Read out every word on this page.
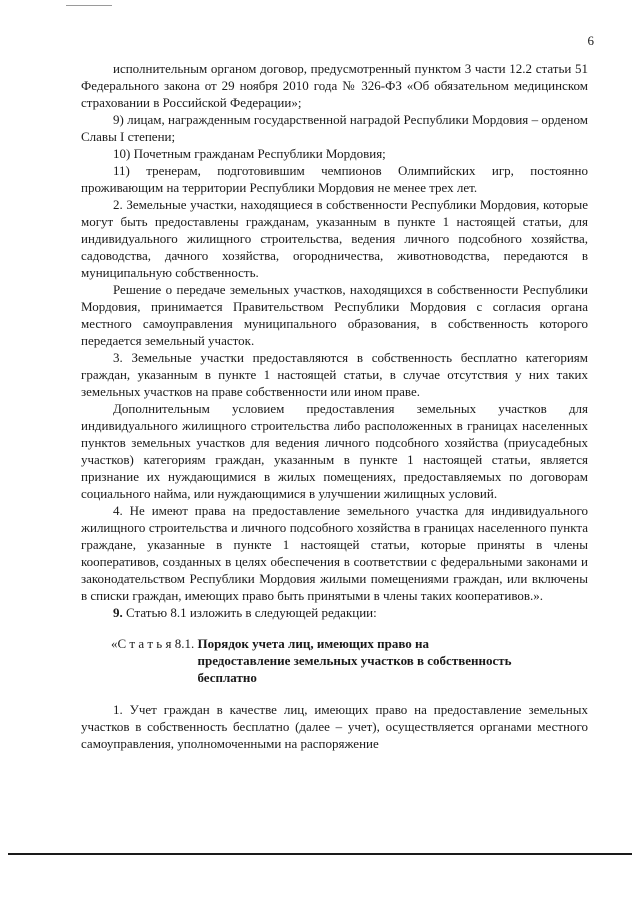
6

исполнительным органом договор, предусмотренный пунктом 3 части 12.2 статьи 51 Федерального закона от 29 ноября 2010 года № 326-ФЗ «Об обязательном медицинском страховании в Российской Федерации»;

9) лицам, награжденным государственной наградой Республики Мордовия – орденом Славы I степени;

10) Почетным гражданам Республики Мордовия;

11) тренерам, подготовившим чемпионов Олимпийских игр, постоянно проживающим на территории Республики Мордовия не менее трех лет.

2. Земельные участки, находящиеся в собственности Республики Мордовия, которые могут быть предоставлены гражданам, указанным в пункте 1 настоящей статьи, для индивидуального жилищного строительства, ведения личного подсобного хозяйства, садоводства, дачного хозяйства, огородничества, животноводства, передаются в муниципальную собственность.

Решение о передаче земельных участков, находящихся в собственности Республики Мордовия, принимается Правительством Республики Мордовия с согласия органа местного самоуправления муниципального образования, в собственность которого передается земельный участок.

3. Земельные участки предоставляются в собственность бесплатно категориям граждан, указанным в пункте 1 настоящей статьи, в случае отсутствия у них таких земельных участков на праве собственности или ином праве.

Дополнительным условием предоставления земельных участков для индивидуального жилищного строительства либо расположенных в границах населенных пунктов земельных участков для ведения личного подсобного хозяйства (приусадебных участков) категориям граждан, указанным в пункте 1 настоящей статьи, является признание их нуждающимися в жилых помещениях, предоставляемых по договорам социального найма, или нуждающимися в улучшении жилищных условий.

4. Не имеют права на предоставление земельного участка для индивидуального жилищного строительства и личного подсобного хозяйства в границах населенного пункта граждане, указанные в пункте 1 настоящей статьи, которые приняты в члены кооперативов, созданных в целях обеспечения в соответствии с федеральными законами и законодательством Республики Мордовия жилыми помещениями граждан, или включены в списки граждан, имеющих право быть принятыми в члены таких кооперативов.».

9. Статью 8.1 изложить в следующей редакции:

«С т а т ь я 8.1. Порядок учета лиц, имеющих право на
предоставление земельных участков в собственность
бесплатно

1. Учет граждан в качестве лиц, имеющих право на предоставление земельных участков в собственность бесплатно (далее – учет), осуществляется органами местного самоуправления, уполномоченными на распоряжение
